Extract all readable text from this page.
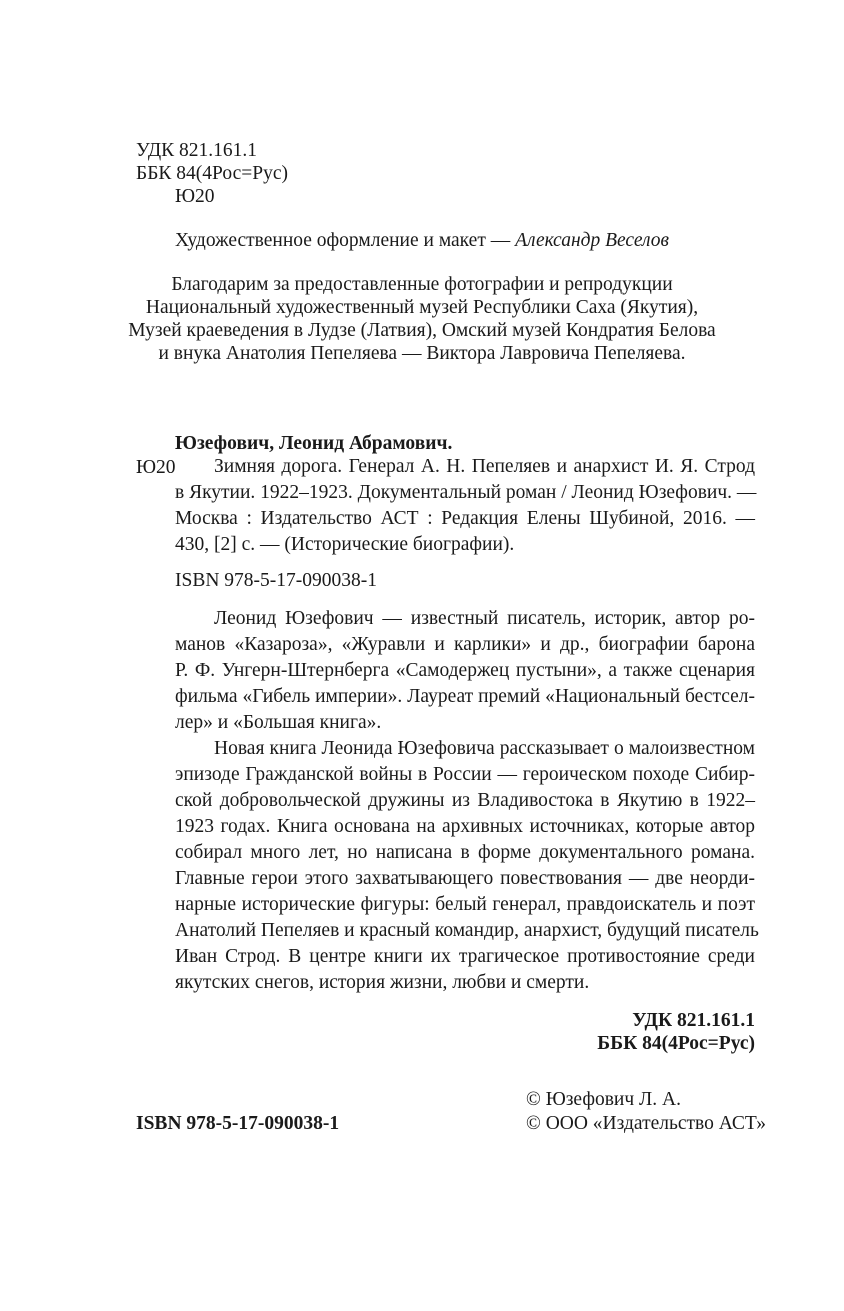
УДК 821.161.1
ББК 84(4Рос=Рус)
Ю20
Художественное оформление и макет — Александр Веселов
Благодарим за предоставленные фотографии и репродукции
Национальный художественный музей Республики Саха (Якутия),
Музей краеведения в Лудзе (Латвия), Омский музей Кондратия Белова
и внука Анатолия Пепеляева — Виктора Лавровича Пепеляева.
Юзефович, Леонид Абрамович.
Ю20 Зимняя дорога. Генерал А. Н. Пепеляев и анархист И. Я. Строд
в Якутии. 1922–1923. Документальный роман / Леонид Юзефович. —
Москва : Издательство АСТ : Редакция Елены Шубиной, 2016. —
430, [2] с. — (Исторические биографии).
ISBN 978-5-17-090038-1
Леонид Юзефович — известный писатель, историк, автор ро-
манов «Казароза», «Журавли и карлики» и др., биографии барона
Р. Ф. Унгерн-Штернберга «Самодержец пустыни», а также сценария
фильма «Гибель империи». Лауреат премий «Национальный бестсел-
лер» и «Большая книга».
Новая книга Леонида Юзефовича рассказывает о малоизвестном
эпизоде Гражданской войны в России — героическом походе Сибир-
ской добровольческой дружины из Владивостока в Якутию в 1922–
1923 годах. Книга основана на архивных источниках, которые автор
собирал много лет, но написана в форме документального романа.
Главные герои этого захватывающего повествования — две неорди-
нарные исторические фигуры: белый генерал, правдоискатель и поэт
Анатолий Пепеляев и красный командир, анархист, будущий писатель
Иван Строд. В центре книги их трагическое противостояние среди
якутских снегов, история жизни, любви и смерти.
УДК 821.161.1
ББК 84(4Рос=Рус)
ISBN 978-5-17-090038-1
© Юзефович Л. А.
© ООО «Издательство АСТ»
